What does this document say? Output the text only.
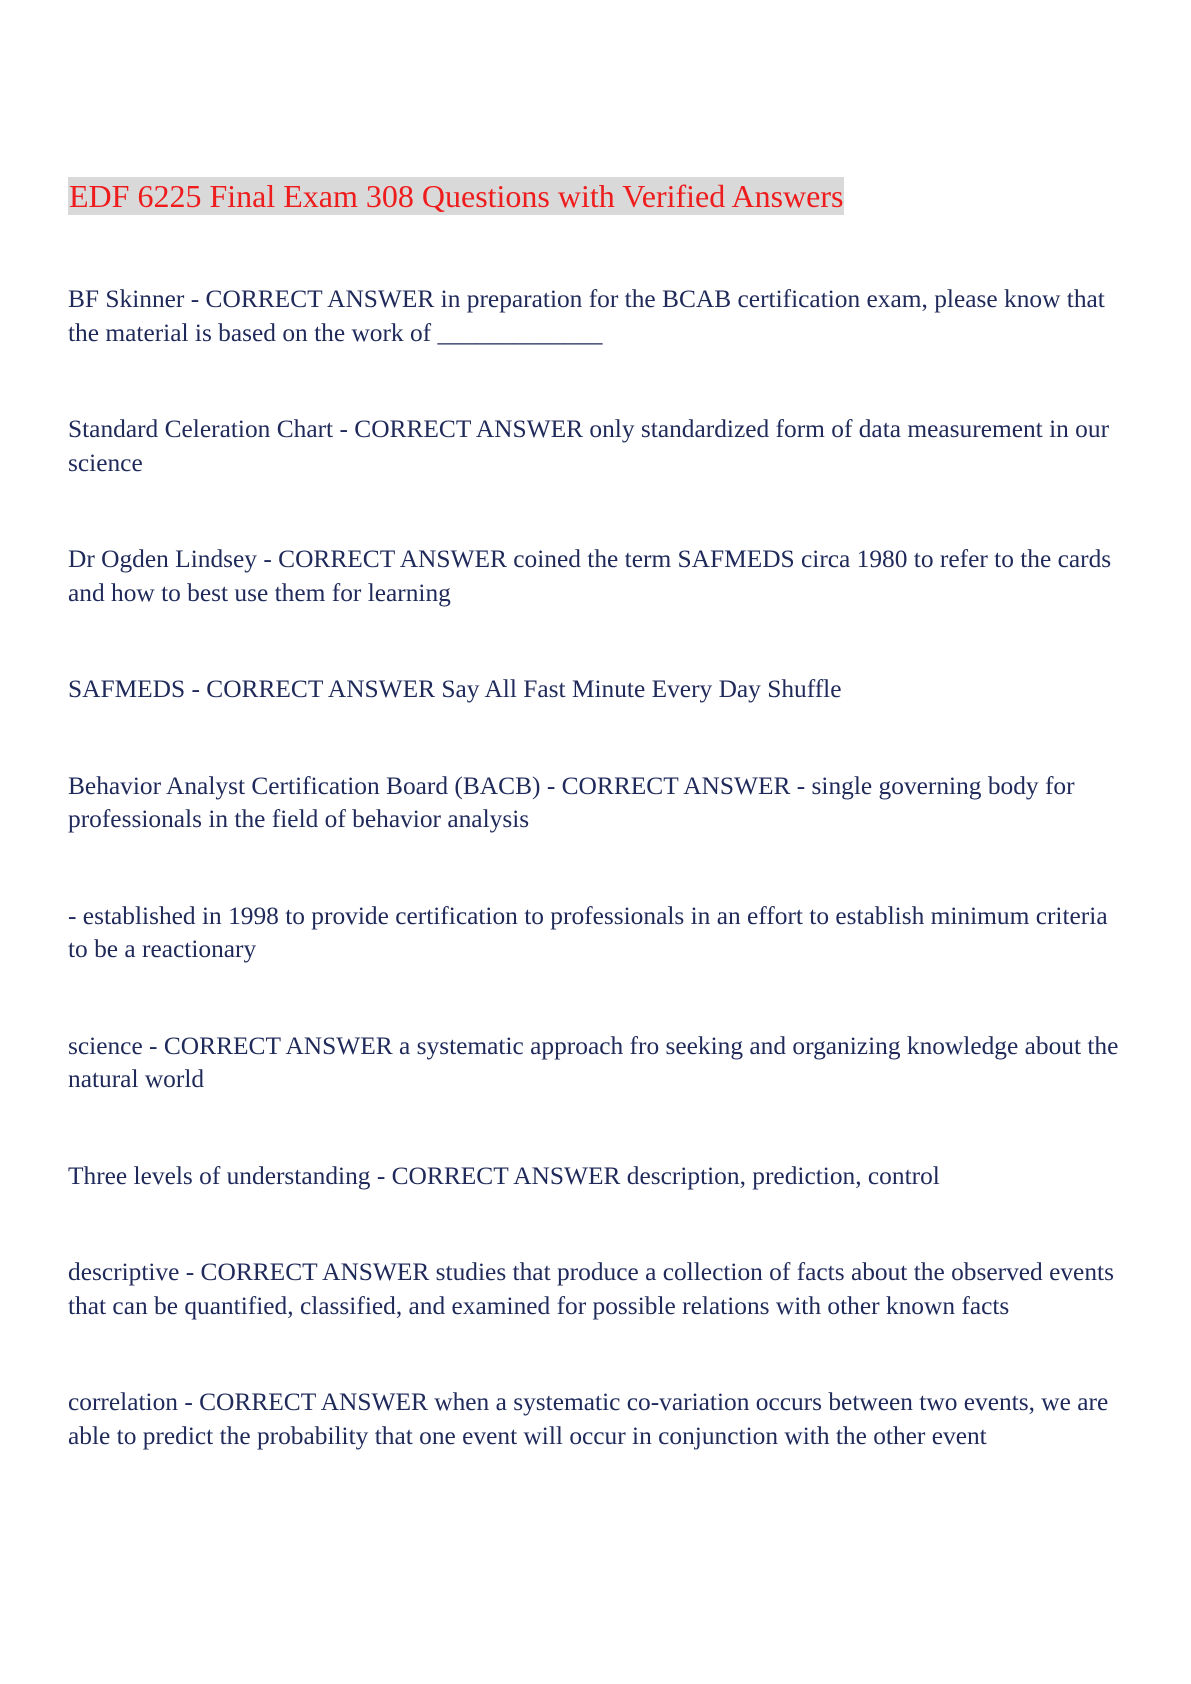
EDF 6225 Final Exam 308 Questions with Verified Answers
BF Skinner - CORRECT ANSWER in preparation for the BCAB certification exam, please know that the material is based on the work of _____________
Standard Celeration Chart - CORRECT ANSWER only standardized form of data measurement in our science
Dr Ogden Lindsey - CORRECT ANSWER coined the term SAFMEDS circa 1980 to refer to the cards and how to best use them for learning
SAFMEDS - CORRECT ANSWER Say All Fast Minute Every Day Shuffle
Behavior Analyst Certification Board (BACB) - CORRECT ANSWER - single governing body for professionals in the field of behavior analysis
- established in 1998 to provide certification to professionals in an effort to establish minimum criteria to be a reactionary
science - CORRECT ANSWER a systematic approach fro seeking and organizing knowledge about the natural world
Three levels of understanding - CORRECT ANSWER description, prediction, control
descriptive - CORRECT ANSWER studies that produce a collection of facts about the observed events that can be quantified, classified, and examined for possible relations with other known facts
correlation - CORRECT ANSWER when a systematic co-variation occurs between two events, we are able to predict the probability that one event will occur in conjunction with the other event
